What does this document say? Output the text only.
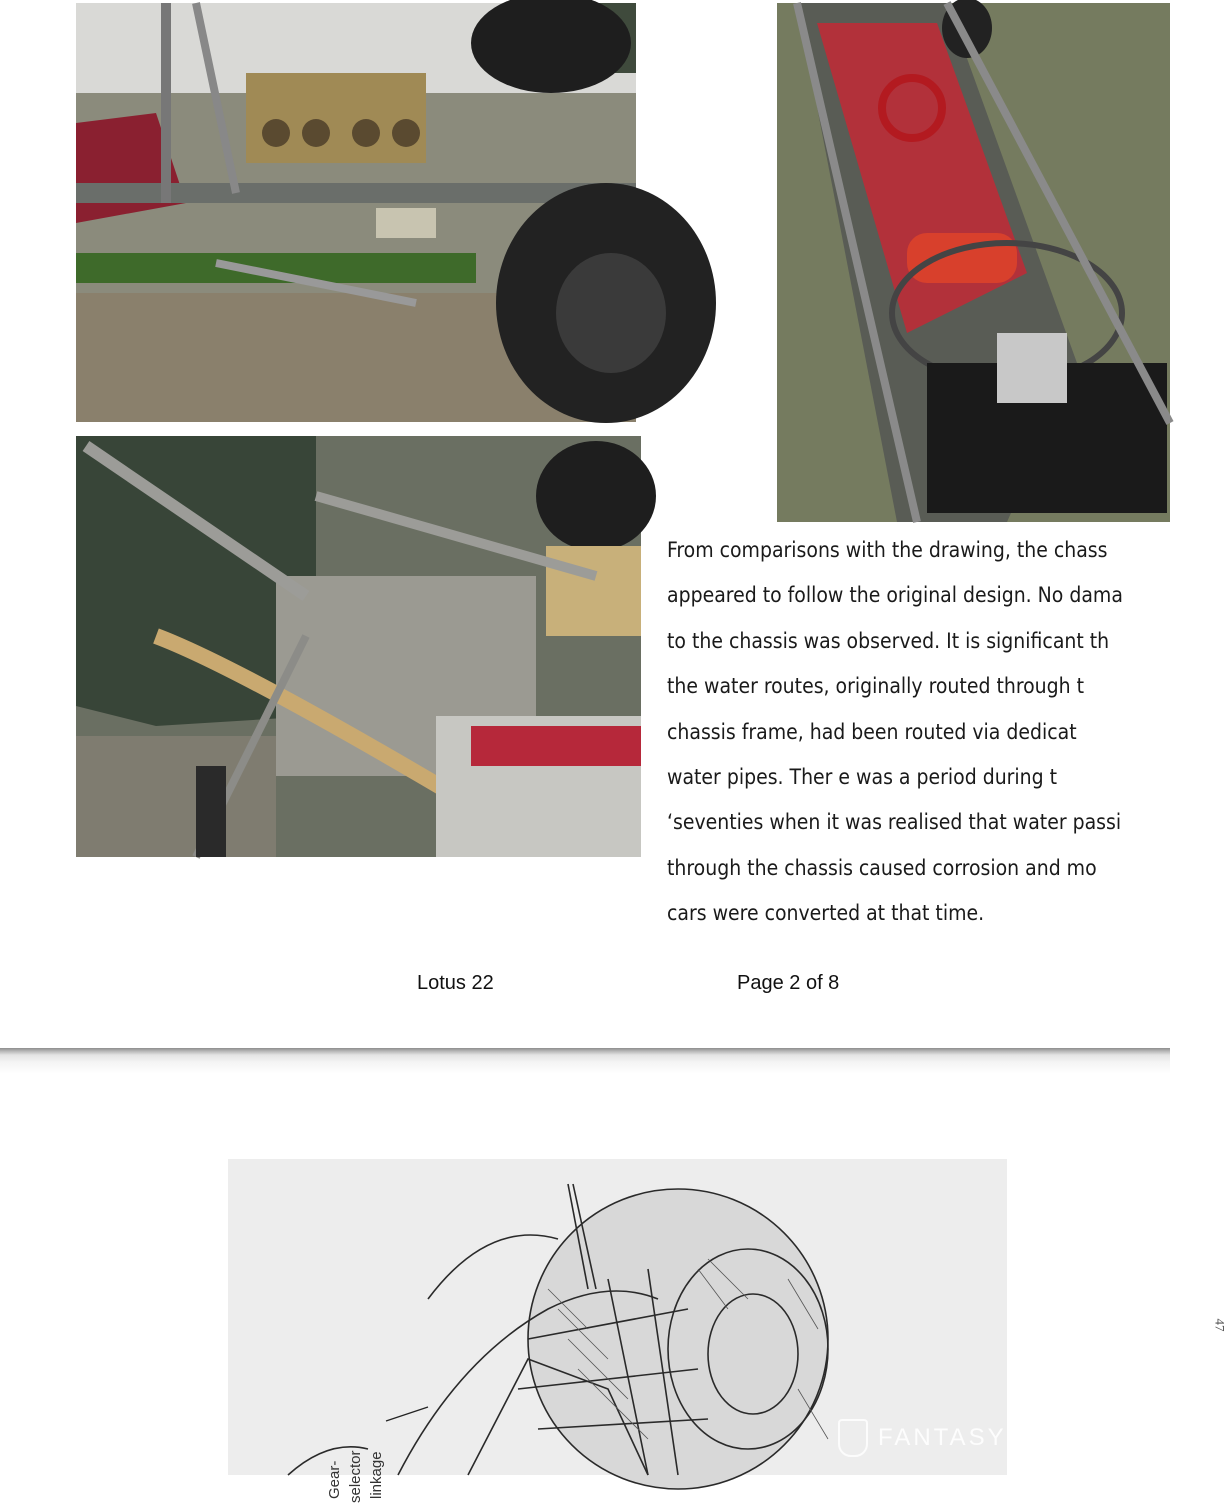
From comparisons with the drawing, the chass
appeared to follow the original design. No dama
to the chassis was observed. It is significant th
the water routes, originally routed through t
chassis frame, had been routed via dedicat
water pipes. Ther e was a period during t
‘seventies when it was realised that water passi
through the chassis caused corrosion and mo
cars were converted at that time.
Lotus 22	Page 2 of 8
Gear- selector linkage
47
FANTASY
